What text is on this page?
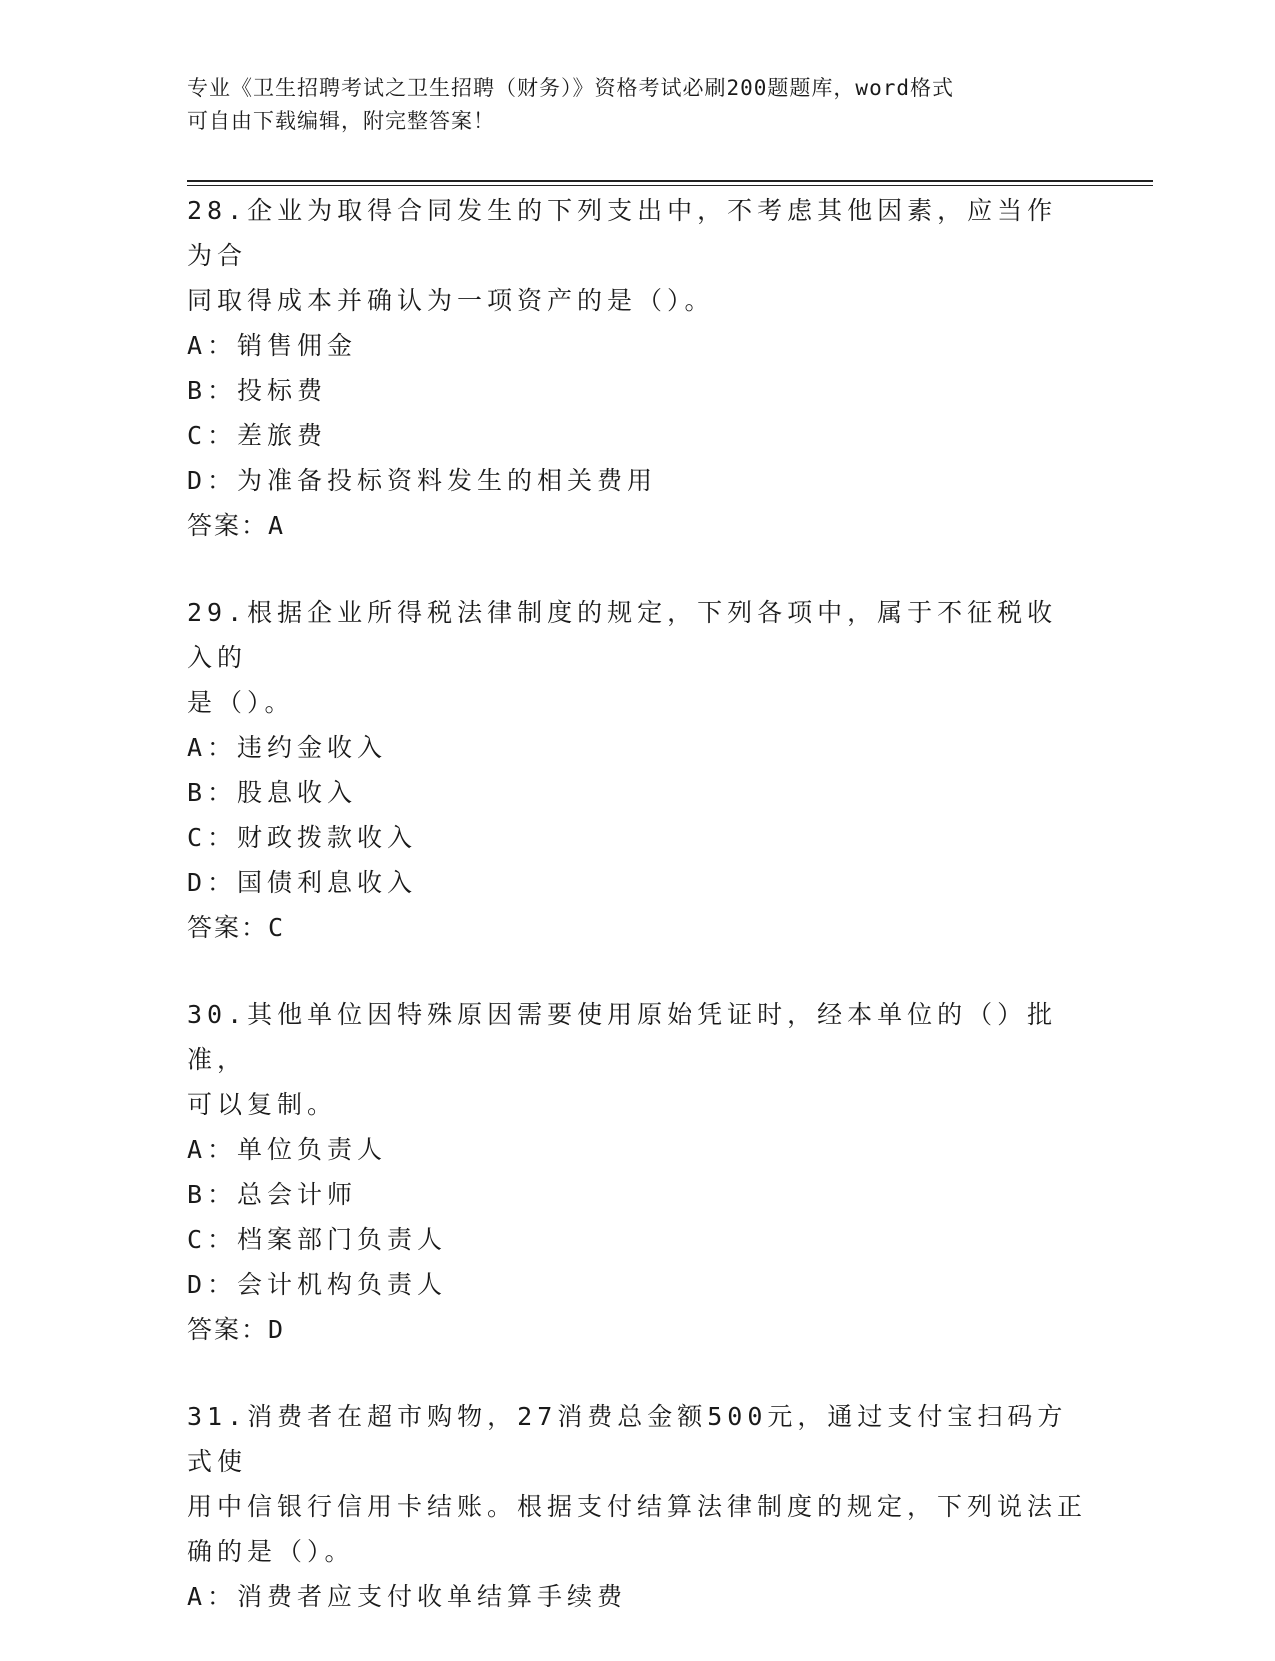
专业《卫生招聘考试之卫生招聘（财务）》资格考试必刷200题题库，word格式
可自由下载编辑，附完整答案！

28.企业为取得合同发生的下列支出中，不考虑其他因素，应当作为合

同取得成本并确认为一项资产的是（）。

A：销售佣金

B：投标费

C：差旅费

D：为准备投标资料发生的相关费用

答案：A

29.根据企业所得税法律制度的规定，下列各项中，属于不征税收入的

是（）。

A：违约金收入

B：股息收入

C：财政拨款收入

D：国债利息收入

答案：C

30.其他单位因特殊原因需要使用原始凭证时，经本单位的（）批准，

可以复制。

A：单位负责人

B：总会计师

C：档案部门负责人

D：会计机构负责人

答案：D

31.消费者在超市购物，27消费总金额500元，通过支付宝扫码方式使

用中信银行信用卡结账。根据支付结算法律制度的规定，下列说法正

确的是（）。

A：消费者应支付收单结算手续费
